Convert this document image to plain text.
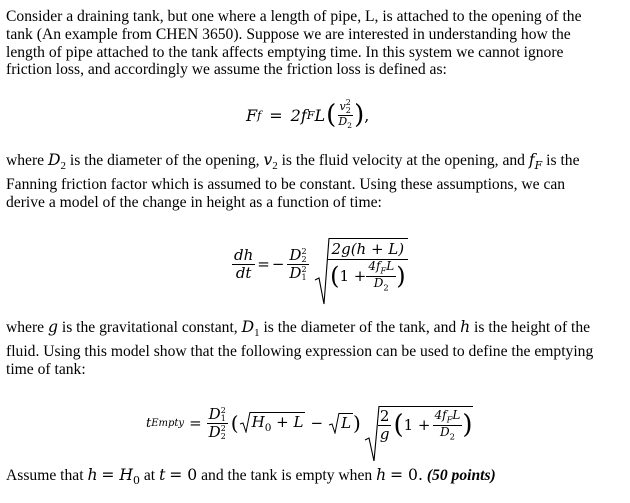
Consider a draining tank, but one where a length of pipe, L, is attached to the opening of the
tank (An example from CHEN 3650). Suppose we are interested in understanding how the
length of pipe attached to the tank affects emptying time. In this system we cannot ignore
friction loss, and accordingly we assume the friction loss is defined as:
F f = 2f F L ( v 2
2
$D_2$ ) ,
where $D_2$ is the diameter of the opening, $v_2$ is the fluid velocity at the opening, and $f_F$ is the
Fanning friction factor which is assumed to be constant. Using these assumptions, we can
derive a model of the change in height as a function of time:
$\frac{dh}{dt}$ = − D 2
2
D 2
1 2g(h + L)
( $1 + \frac{4f_FL}{D_2}$ )
where g is the gravitational constant, $D_1$ is the diameter of the tank, and h is the height of the
fluid. Using this model show that the following expression can be used to define the emptying
time of tank:
t Empty = D 2
1
D 2
2 ( $H_0 + L$ −	L ) $\frac{2}{g}$ ( $1 + \frac{4f_FL}{D_2}$ )
Assume that $h = H_0$ at t = 0 and the tank is empty when h = 0. (50 points)
